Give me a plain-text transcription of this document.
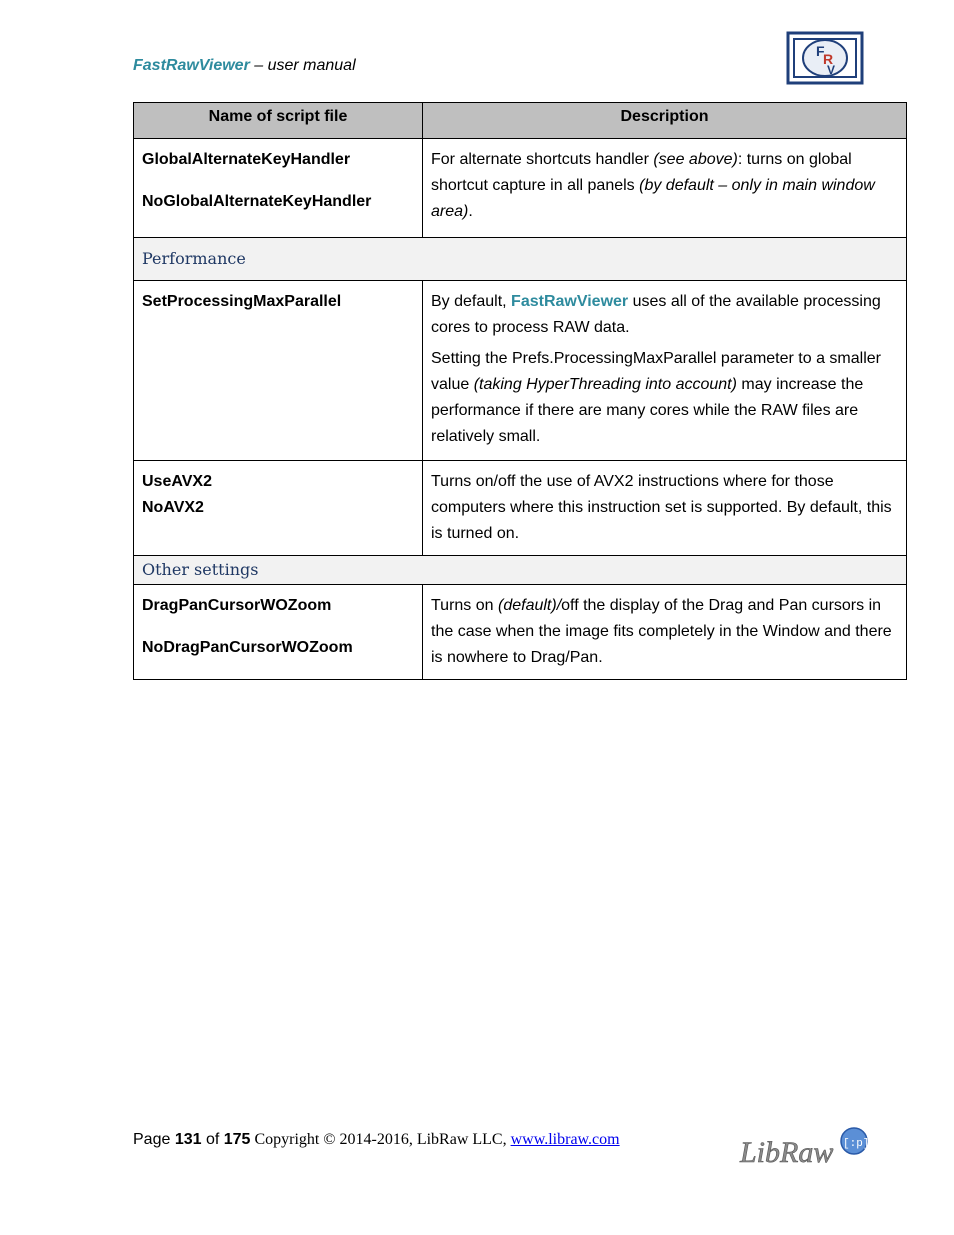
FastRawViewer – user manual
F
R
V
Name of script file	Description

GlobalAlternateKeyHandler
NoGlobalAlternateKeyHandler	For alternate shortcuts handler (see above): turns on global shortcut capture in all panels (by default – only in main window area).
Performance	

SetProcessingMaxParallel	By default, FastRawViewer uses all of the available processing cores to process RAW data.

Setting the Prefs.ProcessingMaxParallel parameter to a smaller value (taking HyperThreading into account) may increase the performance if there are many cores while the RAW files are relatively small.

UseAVX2
NoAVX2	Turns on/off the use of AVX2 instructions where for those computers where this instruction set is supported. By default, this is turned on.
Other settings	

DragPanCursorWOZoom
NoDragPanCursorWOZoom	Turns on (default)/off the display of the Drag and Pan cursors in the case when the image fits completely in the Window and there is nowhere to Drag/Pan.
Page 131 of 175 Copyright © 2014-2016, LibRaw LLC, www.libraw.com	LibRaw [:p]
